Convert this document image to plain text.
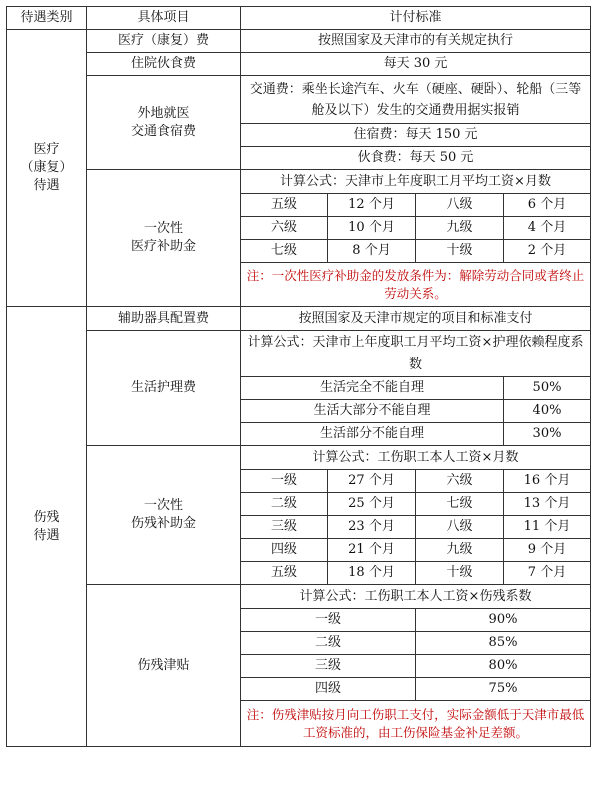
待遇类别	具体项目	计付标准			

医疗
（康复）
待遇	医疗（康复）费	按照国家及天津市的有关规定执行			
	住院伙食费	每天 30 元			

	外地就医
交通食宿费	交通费：乘坐长途汽车、火车（硬座、硬卧）、轮船（三等舱及以下）发生的交通费用据实报销			
		住宿费：每天 150 元			
		伙食费：每天 50 元			

	一次性
医疗补助金	计算公式：天津市上年度职工月平均工资×月数			
		五级	12 个月	八级	6 个月
		六级	10 个月	九级	4 个月
		七级	8 个月	十级	2 个月
		注：一次性医疗补助金的发放条件为：解除劳动合同或者终止劳动关系。			

伤残
待遇	辅助器具配置费	按照国家及天津市规定的项目和标准支付			
	生活护理费	计算公式：天津市上年度职工月平均工资×护理依赖程度系数			
		生活完全不能自理			50%
		生活大部分不能自理			40%
		生活部分不能自理			30%

	一次性
伤残补助金	计算公式：工伤职工本人工资×月数			
		一级	27 个月	六级	16 个月
		二级	25 个月	七级	13 个月
		三级	23 个月	八级	11 个月
		四级	21 个月	九级	9 个月
		五级	18 个月	十级	7 个月
	伤残津贴	计算公式：工伤职工本人工资×伤残系数			
		一级		90%	
		二级		85%	
		三级		80%	
		四级		75%	
		注：伤残津贴按月向工伤职工支付，实际金额低于天津市最低工资标准的，由工伤保险基金补足差额。			
